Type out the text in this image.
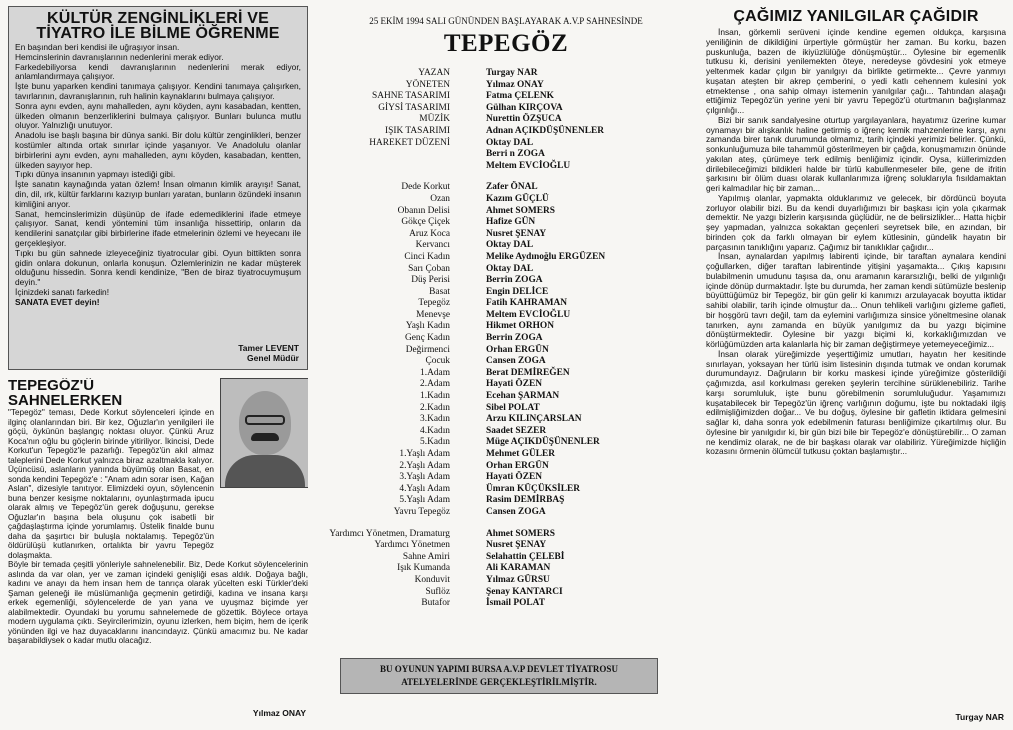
KÜLTÜR ZENGİNLİKLERİ VE TİYATRO İLE BİLME ÖĞRENME

En başından beri kendisi ile uğraşıyor insan.

Hemcinslerinin davranışlarının nedenlerini merak ediyor.

Farkedebiliyorsa kendi davranışlarının nedenlerini merak ediyor, anlamlandırmaya çalışıyor.

İşte bunu yaparken kendini tanımaya çalışıyor. Kendini tanımaya çalışırken, tavırlarının, davranışlarının, ruh halinin kaynaklarını bulmaya çalışıyor.

Sonra aynı evden, aynı mahalleden, aynı köyden, aynı kasabadan, kentten, ülkeden olmanın benzerliklerini bulmaya çalışıyor. Bunları bulunca mutlu oluyor. Yalnızlığı unutuyor.

Anadolu ise başlı başına bir dünya sanki. Bir dolu kültür zenginlikleri, benzer kostümler altında ortak sınırlar içinde yaşanıyor. Ve Anadolulu olanlar birbirlerini aynı evden, aynı mahalleden, aynı köyden, kasabadan, kentten, ülkeden sayıyor hep.

Tıpkı dünya insanının yapmayı istediği gibi.

İşte sanatın kaynağında yatan özlem! İnsan olmanın kimlik arayışı! Sanat, din, dil, ırk, kültür farklarını kazıyıp bunları yaratan, bunların özündeki insanın kimliğini arıyor.

Sanat, hemcinslerimizin düşünüp de ifade edemediklerini ifade etmeye çalışıyor. Sanat, kendi yöntemini tüm insanlığa hissettirip, onların da kendilerini sanatçılar gibi birbirlerine ifade etmelerinin özlemi ve heyecanı ile gerçekleşiyor.

Tıpkı bu gün sahnede izleyeceğiniz tiyatrocular gibi. Oyun bittikten sonra gidin onlara dokunun, onlarla konuşun. Özlemlerinizin ne kadar müşterek olduğunu hissedin. Sonra kendi kendinize, "Ben de biraz tiyatrocuymuşum deyin."

İçinizdeki sanatı farkedin!

SANATA EVET deyin!

Tamer LEVENT
Genel Müdür
TEPEGÖZ'Ü SAHNELERKEN

"Tepegöz" teması, Dede Korkut söylenceleri içinde en ilginç olanlarından biri. Bir kez, Oğuzlar'ın yenilgileri ile göçü, öykünün başlangıç noktası oluyor. Çünkü Aruz Koca'nın oğlu bu göçlerin birinde yitiriliyor. İkincisi, Dede Korkut'un Tepegöz'le pazarlığı. Tepegöz'ün akıl almaz taleplerini Dede Korkut yalnızca biraz azaltmakla kalıyor. Üçüncüsü, aslanların yanında büyümüş olan Basat, en sonda kendini Tepegöz'e : "Anam adın sorar isen, Kağan Aslan", dizesiyle tanıtıyor. Elimizdeki oyun, söylencenin buna benzer kesişme noktalarını, oyunlaştırmada ipucu olarak almış ve Tepegöz'ün gerek doğuşunu, gerekse Oğuzlar'ın başına bela oluşunu çok isabetli bir çağdaşlaştırma içinde yorumlamış. Üstelik finalde bunu daha da şaşırtıcı bir buluşla noktalamış. Tepegöz'ün öldürülüşü kutlanırken, ortalıkta bir yavru Tepegöz dolaşmakta.

Böyle bir temada çeşitli yönleriyle sahnelenebilir. Biz, Dede Korkut söylencelerinin aslında da var olan, yer ve zaman içindeki genişliği esas aldık. Doğaya bağlı, kadını ve anayı da hem insan hem de tanrıça olarak yücelten eski Türkler'deki Şaman geleneği ile müslümanlığa geçmenin getirdiği, kadına ve insana karşı erkek egemenliği, söylencelerde de yan yana ve uyuşmaz biçimde yer alabilmektedir. Oyundaki bu yorumu sahnelemede de gözettik. Böylece ortaya modern uygulama çıktı. Seyircilerimizin, oyunu izlerken, hem biçim, hem de içerik yönünden ilgi ve haz duyacaklarını inancındayız. Çünkü amacımız bu. Ne kadar başarabildiysek o kadar mutlu olacağız.

Yılmaz ONAY
25 EKİM 1994 SALI GÜNÜNDEN BAŞLAYARAK A.V.P SAHNESİNDE
TEPEGÖZ
YAZAN	Turgay NAR
YÖNETEN	Yılmaz ONAY
SAHNE TASARIMI	Fatma ÇELENK
GİYSİ TASARIMI	Gülhan KIRÇOVA
MÜZİK	Nurettin ÖZŞUCA
IŞIK TASARIMI	Adnan AÇIKDÜŞÜNENLER
HAREKET DÜZENİ	Oktay DAL
Berri n ZOGA
Meltem EVCİOĞLU
Dede Korkut	Zafer ÖNAL
Ozan	Kazım GÜÇLÜ
Obanın Delisi	Ahmet SOMERS
Gökçe Çiçek	Hafize GÜN
Aruz Koca	Nusret ŞENAY
Kervancı	Oktay DAL
Cinci Kadın	Melike Aydınoğlu ERGÜZEN
Sarı Çoban	Oktay DAL
Düş Perisi	Berrin ZOGA
Basat	Engin DELİCE
Tepegöz	Fatih KAHRAMAN
Menevşe	Meltem EVCİOĞLU
Yaşlı Kadın	Hikmet ORHON
Genç Kadın	Berrin ZOGA
Değirmenci	Orhan ERGÜN
Çocuk	Cansen ZOGA
1.Adam	Berat DEMİREĞEN
2.Adam	Hayati ÖZEN
1.Kadın	Ecehan ŞARMAN
2.Kadın	Sibel POLAT
3.Kadın	Arzu KILINÇARSLAN
4.Kadın	Saadet SEZER
5.Kadın	Müge AÇIKDÜŞÜNENLER
1.Yaşlı Adam	Mehmet GÜLER
2.Yaşlı Adam	Orhan ERGÜN
3.Yaşlı Adam	Hayati ÖZEN
4.Yaşlı Adam	Ümran KÜÇÜKSİLER
5.Yaşlı Adam	Rasim DEMİRBAŞ
Yavru Tepegöz	Cansen ZOGA
Yardımcı Yönetmen, Dramaturg	Ahmet SOMERS
Yardımcı Yönetmen	Nusret ŞENAY
Sahne Amiri	Selahattin ÇELEBİ
Işık Kumanda	Ali KARAMAN
Konduvit	Yılmaz GÜRSU
Suflöz	Şenay KANTARCI
Butafor	İsmail POLAT
BU OYUNUN YAPIMI BURSA A.V.P DEVLET TİYATROSU
ATELYELERİNDE GERÇEKLEŞTİRİLMİŞTİR.
ÇAĞIMIZ YANILGILAR ÇAĞIDIR

İnsan, görkemli serüveni içinde kendine egemen oldukça, karşısına yeniliğinin de dikildiğini ürpertiyle görmüştür her zaman. Bu korku, bazen puskunluğa, bazen de ikiyüzlülüğe dönüşmüştür... Öylesine bir egemenlik tutkusu ki, derisini yenilemekten öteye, neredeyse gövdesini yok etmeye yeltenmek kadar çılgın bir yanılgıyı da birlikte getirmekte... Çevre yanmıyı kuşatan ateşten bir akrep çemberini, o yedi katlı cehennem kulesini yok etmektense , ona sahip olmayı istemenin yanılgılar çağı... Tahtından alaşağı ettiğimiz Tepegöz'ün yerine yeni bir yavru Tepegöz'ü oturtmanın bağışlanmaz çılgınlığı...

Bizi bir sanık sandalyesine oturtup yargılayanlara, hayatımız üzerine kumar oynamayı bir alışkanlık haline getirmiş o iğrenç kemik mahzenlerine karşı, aynı zamanda birer tanık durumunda olmamız, tarih içindeki yerimizi belirler. Çünkü, sonkunluğumuza bile tahammül gösterilmeyen bir çağda, konuşmamızın önünde yakılan ateş, çürümeye terk edilmiş benliğimiz içindir. Oysa, küllerimizden dirilebileceğimizi bildikleri halde bir türlü kabullenmeseler bile, gene de ifritin şarkısını bir ölüm duası olarak kullanlarımıza iğrenç soluklarıyla fısıldamaktan geri kalmadılar hiç bir zaman...

Yapılmış olanlar, yapmakta olduklarımız ve gelecek, bir dördüncü boyuta zorluyor olabilir bizi. Bu da kendi duyarlığımızı bir başkası için yola çıkarmak demektir. Ne yazgı bizlerin karşısında güçlüdür, ne de belirsizlikler... Hatta hiçbir şey yapmadan, yalnızca sokaktan geçenleri seyretsek bile, en azından, bir birinden çok da farklı olmayan bir eylem kütlesinin, gündelik hayatın bir parçasının tanıklığını yaparız. Çağımız bir tanıklıklar çağıdır...

İnsan, aynalardan yapılmış labirenti içinde, bir taraftan aynalara kendini çoğullarken, diğer taraftan labirentinde yitişini yaşamakta... Çıkış kapısını bulabilmenin umudunu taşısa da, onu aramanın kararsızlığı, belki de yılgınlığı içinde dönüp durmaktadır. İşte bu durumda, her zaman kendi sütümüzle beslenip büyüttüğümüz bir Tepegöz, bir gün gelir ki kanımızı arzulayacak boyutta iktidar sahibi olabilir, tarih içinde olmuştur da... Onun tehlikeli varlığını gizleme gafleti, bir hoşgörü tavrı değil, tam da eylemini varlığımıza sinsice yöneltmesine olanak tanırken, aynı zamanda en büyük yanılgımız da bu yazgı biçimine dönüştürmektedir. Öylesine bir yazgı biçimi ki, korkaklığımızdan ve körlüğümüzden arta kalanlarla hiç bir zaman değiştirmeye yetemeyeceğimiz...

İnsan olarak yüreğimizde yeşerttiğimiz umutları, hayatın her kesitinde sınırlayan, yoksayan her türlü isim listesinin dışında tutmak ve ondan korumak durumundayız. Dağruların bir korku maskesi içinde yüreğimize gösterildiği çağımızda, asıl korkulması gereken şeylerin tercihine sürüklenebiliriz. Tarihe karşı sorumluluk, işte bunu görebilmenin sorumluluğudur. Yaşamımızı kuşatabilecek bir Tepegöz'ün iğrenç varlığının doğumu, işte bu noktadaki ilgiş edilmişliğimizden doğar... Ve bu doğuş, öylesine bir gafletin iktidara gelmesini sağlar ki, daha sonra yok edebilmenin faturası benliğimize çıkartılmış olur. Bu öylesine bir yanılgıdır ki, bir gün bizi bile bir Tepegöz'e dönüştürebilir... O zaman ne kendimiz olarak, ne de bir başkası olarak var olabiliriz. Yüreğimizde hiçliğin kozasını örmenin ölümcül tutkusu çoktan başlamıştır...

Turgay NAR
